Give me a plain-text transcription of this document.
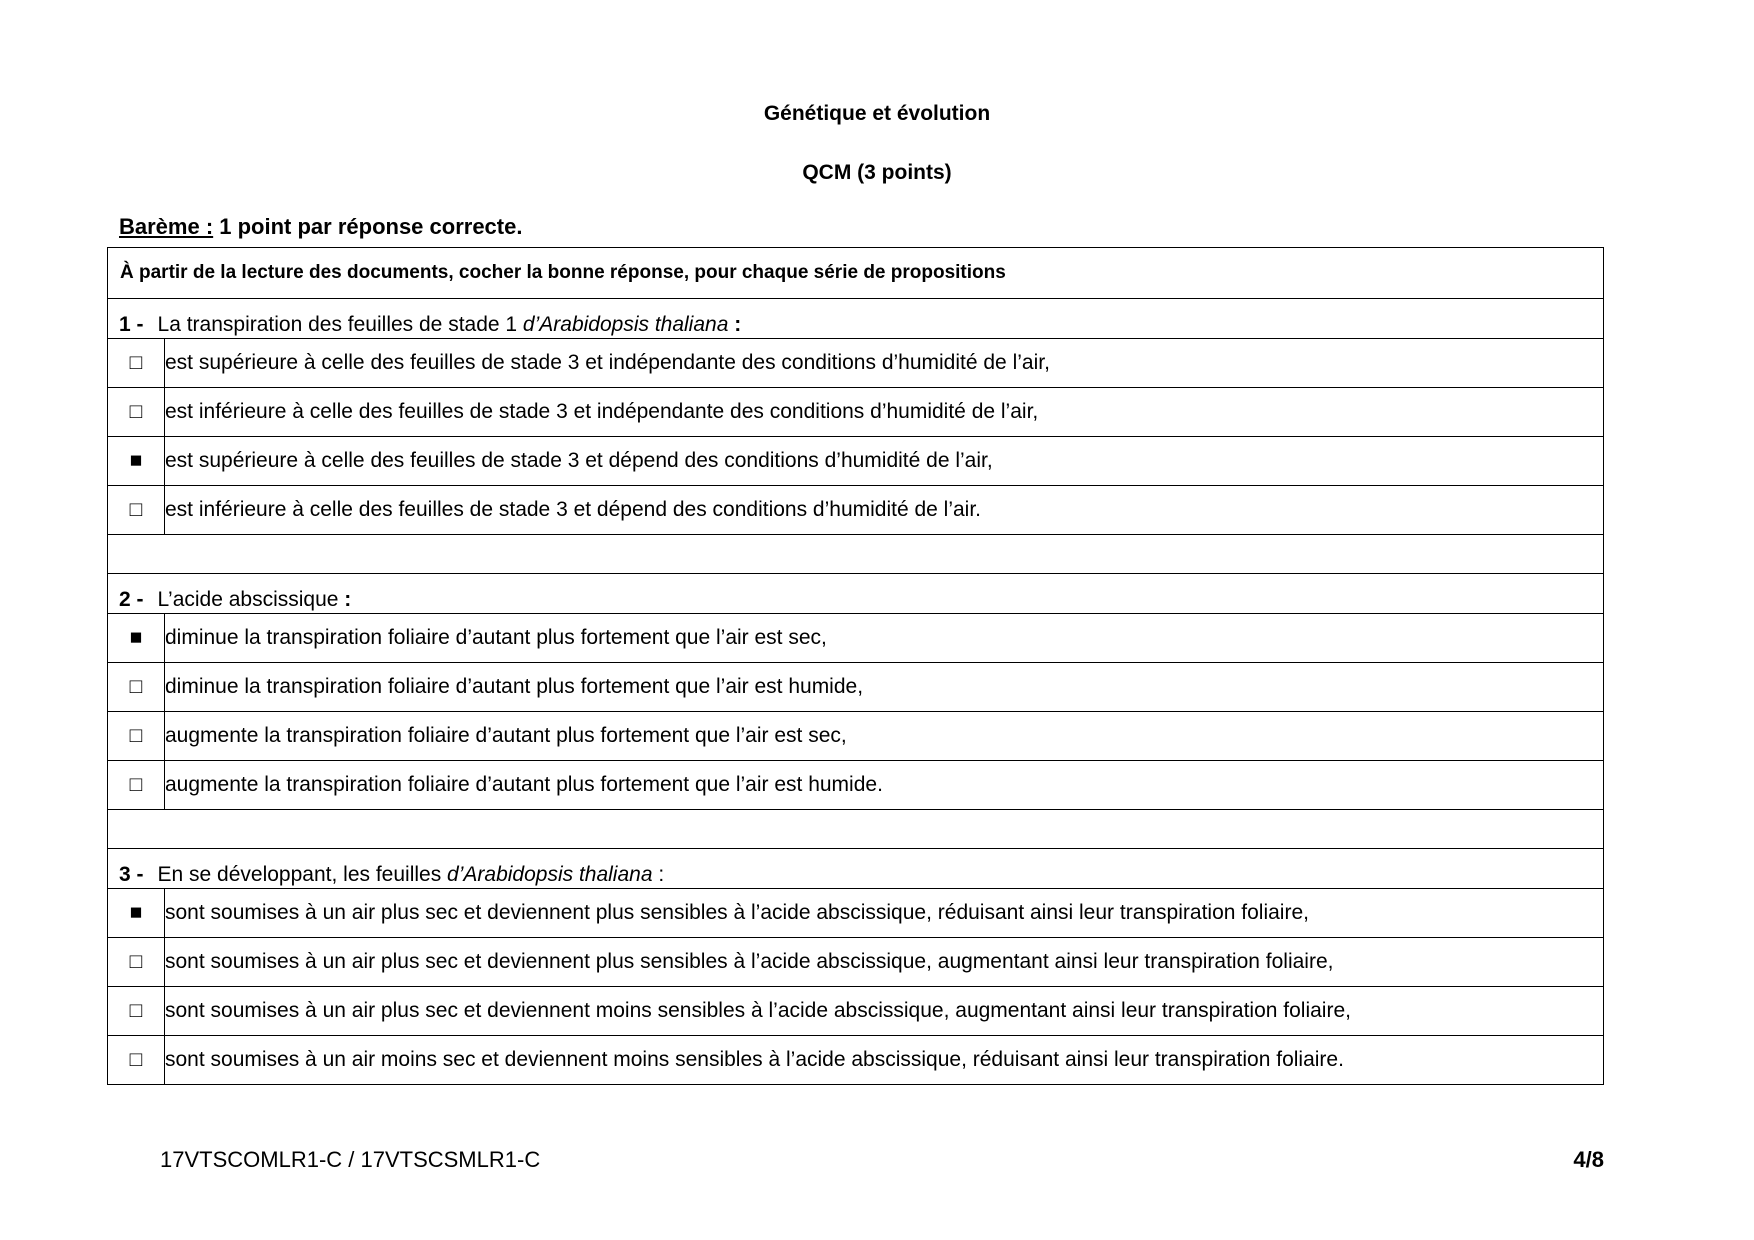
Génétique et évolution
QCM (3 points)
Barème : 1 point par réponse correcte.
À partir de la lecture des documents, cocher la bonne réponse, pour chaque série de propositions	
1 - La transpiration des feuilles de stade 1 d’Arabidopsis thaliana :	
□	est supérieure à celle des feuilles de stade 3 et indépendante des conditions d’humidité de l’air,
□	est inférieure à celle des feuilles de stade 3 et indépendante des conditions d’humidité de l’air,
■	est supérieure à celle des feuilles de stade 3 et dépend des conditions d’humidité de l’air,
□	est inférieure à celle des feuilles de stade 3 et dépend des conditions d’humidité de l’air.

2 - L’acide abscissique :	
■	diminue la transpiration foliaire d’autant plus fortement que l’air est sec,
□	diminue la transpiration foliaire d’autant plus fortement que l’air est humide,
□	augmente la transpiration foliaire d’autant plus fortement que l’air est sec,
□	augmente la transpiration foliaire d’autant plus fortement que l’air est humide.

3 - En se développant, les feuilles d’Arabidopsis thaliana :	
■	sont soumises à un air plus sec et deviennent plus sensibles à l’acide abscissique, réduisant ainsi leur transpiration foliaire,
□	sont soumises à un air plus sec et deviennent plus sensibles à l’acide abscissique, augmentant ainsi leur transpiration foliaire,
□	sont soumises à un air plus sec et deviennent moins sensibles à l’acide abscissique, augmentant ainsi leur transpiration foliaire,
□	sont soumises à un air moins sec et deviennent moins sensibles à l’acide abscissique, réduisant ainsi leur transpiration foliaire.
17VTSCOMLR1-C / 17VTSCSMLR1-C	4/8
